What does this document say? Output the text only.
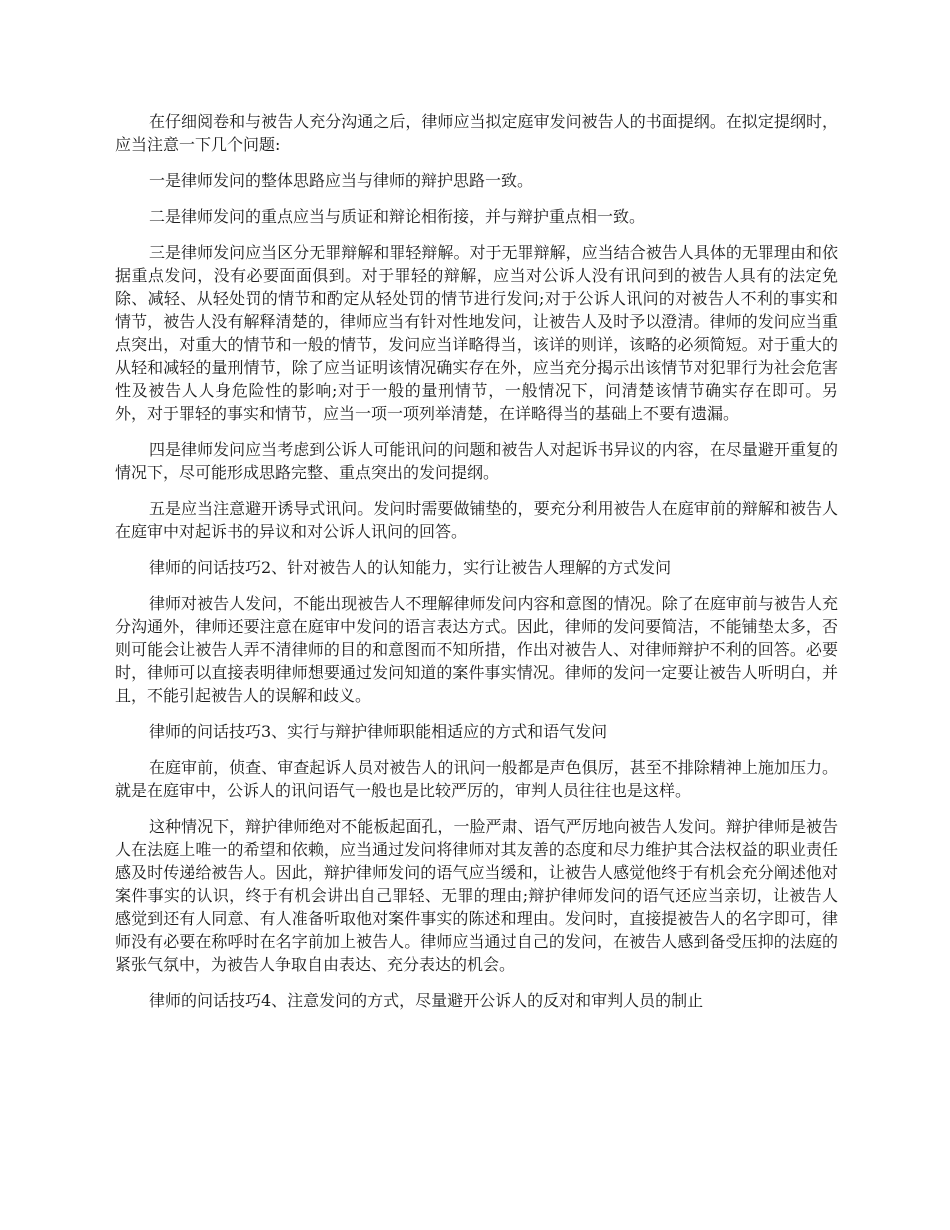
在仔细阅卷和与被告人充分沟通之后，律师应当拟定庭审发问被告人的书面提纲。在拟定提纲时，应当注意一下几个问题:

一是律师发问的整体思路应当与律师的辩护思路一致。

二是律师发问的重点应当与质证和辩论相衔接，并与辩护重点相一致。

三是律师发问应当区分无罪辩解和罪轻辩解。对于无罪辩解，应当结合被告人具体的无罪理由和依据重点发问，没有必要面面俱到。对于罪轻的辩解，应当对公诉人没有讯问到的被告人具有的法定免除、减轻、从轻处罚的情节和酌定从轻处罚的情节进行发问;对于公诉人讯问的对被告人不利的事实和情节，被告人没有解释清楚的，律师应当有针对性地发问，让被告人及时予以澄清。律师的发问应当重点突出，对重大的情节和一般的情节，发问应当详略得当，该详的则详，该略的必须简短。对于重大的从轻和减轻的量刑情节，除了应当证明该情况确实存在外，应当充分揭示出该情节对犯罪行为社会危害性及被告人人身危险性的影响;对于一般的量刑情节，一般情况下，问清楚该情节确实存在即可。另外，对于罪轻的事实和情节，应当一项一项列举清楚，在详略得当的基础上不要有遗漏。

四是律师发问应当考虑到公诉人可能讯问的问题和被告人对起诉书异议的内容，在尽量避开重复的情况下，尽可能形成思路完整、重点突出的发问提纲。

五是应当注意避开诱导式讯问。发问时需要做铺垫的，要充分利用被告人在庭审前的辩解和被告人在庭审中对起诉书的异议和对公诉人讯问的回答。

律师的问话技巧2、针对被告人的认知能力，实行让被告人理解的方式发问

律师对被告人发问，不能出现被告人不理解律师发问内容和意图的情况。除了在庭审前与被告人充分沟通外，律师还要注意在庭审中发问的语言表达方式。因此，律师的发问要简洁，不能铺垫太多，否则可能会让被告人弄不清律师的目的和意图而不知所措，作出对被告人、对律师辩护不利的回答。必要时，律师可以直接表明律师想要通过发问知道的案件事实情况。律师的发问一定要让被告人听明白，并且，不能引起被告人的误解和歧义。

律师的问话技巧3、实行与辩护律师职能相适应的方式和语气发问

在庭审前，侦查、审查起诉人员对被告人的讯问一般都是声色俱厉，甚至不排除精神上施加压力。就是在庭审中，公诉人的讯问语气一般也是比较严厉的，审判人员往往也是这样。

这种情况下，辩护律师绝对不能板起面孔，一脸严肃、语气严厉地向被告人发问。辩护律师是被告人在法庭上唯一的希望和依赖，应当通过发问将律师对其友善的态度和尽力维护其合法权益的职业责任感及时传递给被告人。因此，辩护律师发问的语气应当缓和，让被告人感觉他终于有机会充分阐述他对案件事实的认识，终于有机会讲出自己罪轻、无罪的理由;辩护律师发问的语气还应当亲切，让被告人感觉到还有人同意、有人准备听取他对案件事实的陈述和理由。发问时，直接提被告人的名字即可，律师没有必要在称呼时在名字前加上被告人。律师应当通过自己的发问，在被告人感到备受压抑的法庭的紧张气氛中，为被告人争取自由表达、充分表达的机会。

律师的问话技巧4、注意发问的方式，尽量避开公诉人的反对和审判人员的制止
